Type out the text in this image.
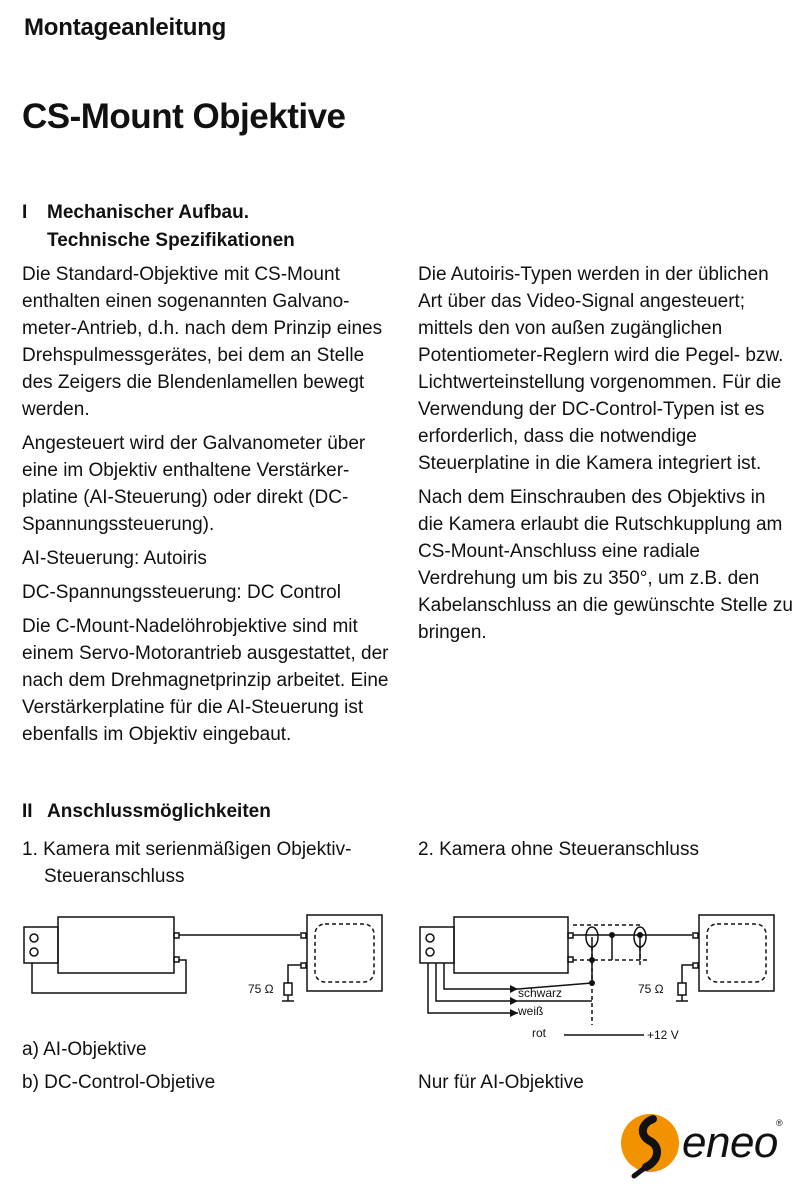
Montageanleitung
CS-Mount Objektive
I Mechanischer Aufbau.
Technische Spezifikationen

Die Standard-Objektive mit CS-Mount enthalten einen sogenannten Galvano-meter-Antrieb, d.h. nach dem Prinzip eines Drehspulmessgerätes, bei dem an Stelle des Zeigers die Blendenlamellen bewegt werden.

Angesteuert wird der Galvanometer über eine im Objektiv enthaltene Verstärker-platine (AI-Steuerung) oder direkt (DC-Spannungssteuerung).

AI-Steuerung: Autoiris

DC-Spannungssteuerung: DC Control

Die C-Mount-Nadelöhrobjektive sind mit einem Servo-Motorantrieb ausgestattet, der nach dem Drehmagnetprinzip arbeitet. Eine Verstärkerplatine für die AI-Steuerung ist ebenfalls im Objektiv eingebaut.

Die Autoiris-Typen werden in der üblichen Art über das Video-Signal angesteuert; mittels den von außen zugänglichen Potentiometer-Reglern wird die Pegel- bzw. Lichtwerteinstellung vorgenommen. Für die Verwendung der DC-Control-Typen ist es erforderlich, dass die notwendige Steuerplatine in die Kamera integriert ist.

Nach dem Einschrauben des Objektivs in die Kamera erlaubt die Rutschkupplung am CS-Mount-Anschluss eine radiale Verdrehung um bis zu 350°, um z.B. den Kabelanschluss an die gewünschte Stelle zu bringen.

II Anschlussmöglichkeiten
1. Kamera mit serienmäßigen Objektiv-
Steueranschluss
2. Kamera ohne Steueranschluss
75 Ω	schwarz
weiß
rot
75 Ω
+12 V
a) AI-Objektive
b) DC-Control-Objetive	Nur für AI-Objektive
eneo
®
